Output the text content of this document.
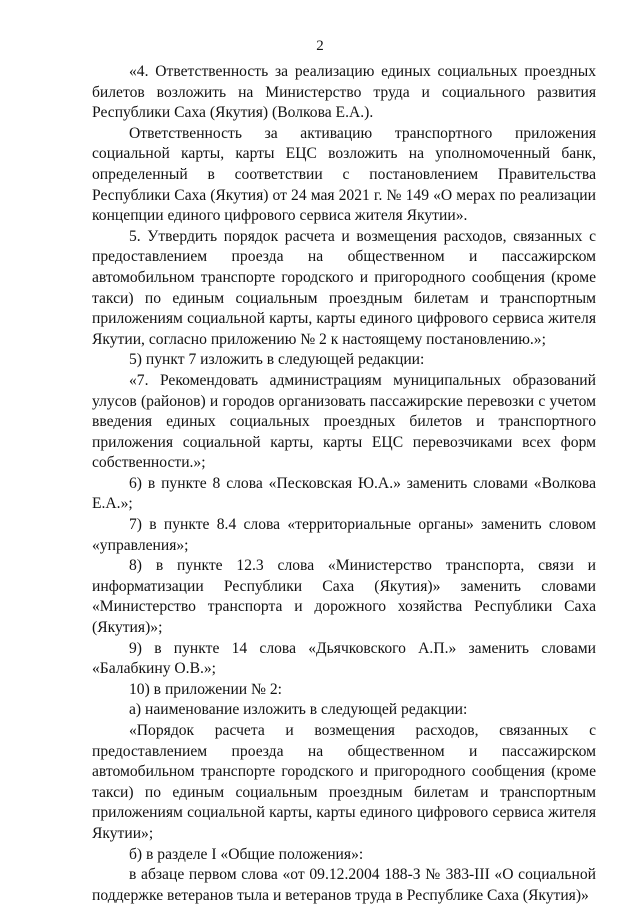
2

«4. Ответственность за реализацию единых социальных проездных билетов возложить на Министерство труда и социального развития Республики Саха (Якутия) (Волкова Е.А.).

Ответственность за активацию транспортного приложения социальной карты, карты ЕЦС возложить на уполномоченный банк, определенный в соответствии с постановлением Правительства Республики Саха (Якутия) от 24 мая 2021 г. № 149 «О мерах по реализации концепции единого цифрового сервиса жителя Якутии».

5. Утвердить порядок расчета и возмещения расходов, связанных с предоставлением проезда на общественном и пассажирском автомобильном транспорте городского и пригородного сообщения (кроме такси) по единым социальным проездным билетам и транспортным приложениям социальной карты, карты единого цифрового сервиса жителя Якутии, согласно приложению № 2 к настоящему постановлению.»;

5) пункт 7 изложить в следующей редакции:

«7. Рекомендовать администрациям муниципальных образований улусов (районов) и городов организовать пассажирские перевозки с учетом введения единых социальных проездных билетов и транспортного приложения социальной карты, карты ЕЦС перевозчиками всех форм собственности.»;

6) в пункте 8 слова «Песковская Ю.А.» заменить словами «Волкова Е.А.»;

7) в пункте 8.4 слова «территориальные органы» заменить словом «управления»;

8) в пункте 12.3 слова «Министерство транспорта, связи и информатизации Республики Саха (Якутия)» заменить словами «Министерство транспорта и дорожного хозяйства Республики Саха (Якутия)»;

9) в пункте 14 слова «Дьячковского А.П.» заменить словами «Балабкину О.В.»;

10) в приложении № 2:

а) наименование изложить в следующей редакции:

«Порядок расчета и возмещения расходов, связанных с предоставлением проезда на общественном и пассажирском автомобильном транспорте городского и пригородного сообщения (кроме такси) по единым социальным проездным билетам и транспортным приложениям социальной карты, карты единого цифрового сервиса жителя Якутии»;

б) в разделе I «Общие положения»:

в абзаце первом слова «от 09.12.2004 188-З № 383-III «О социальной поддержке ветеранов тыла и ветеранов труда в Республике Саха (Якутия)»
